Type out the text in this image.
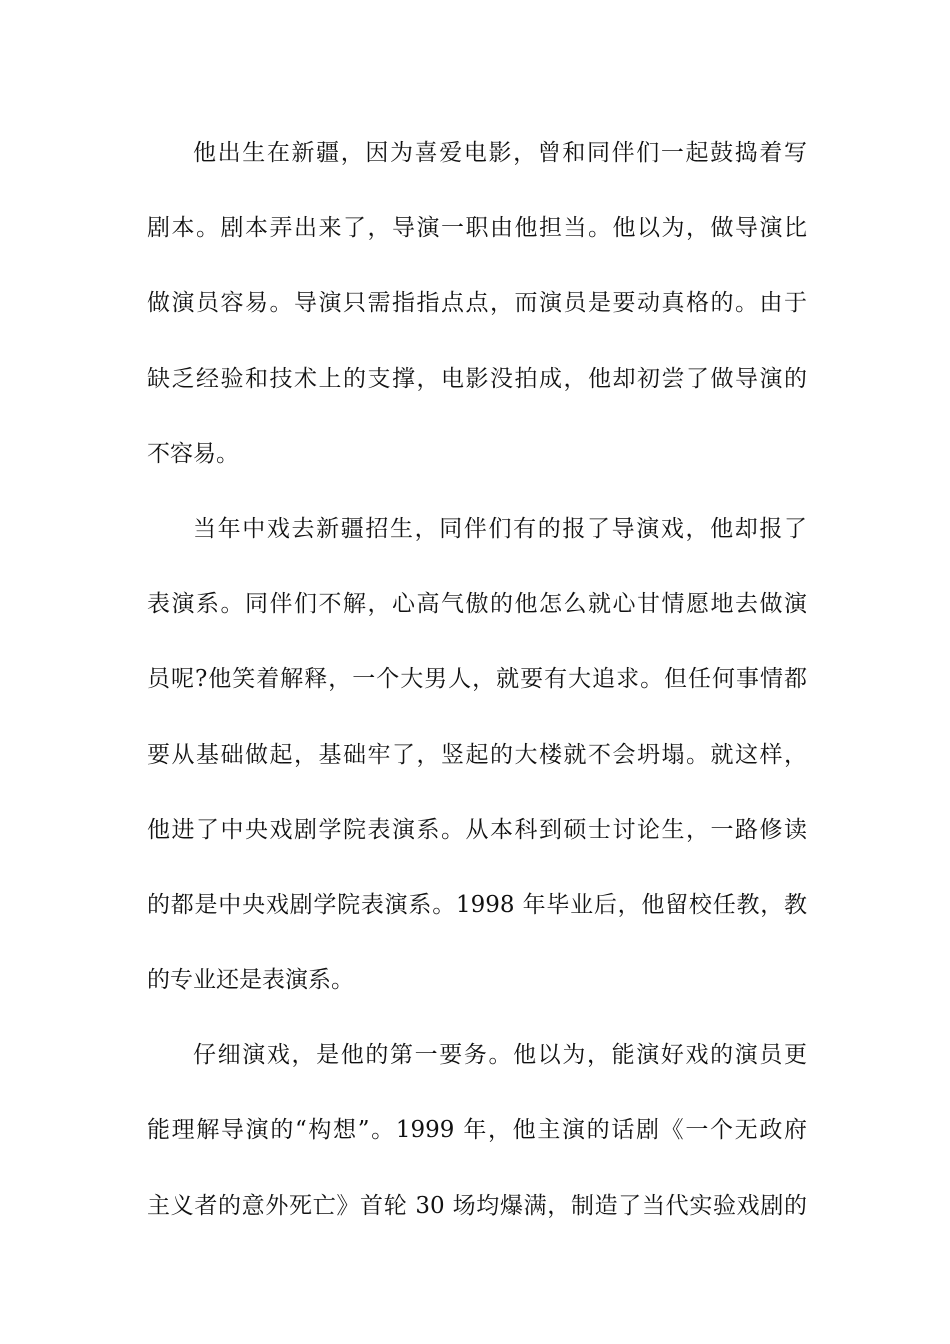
他出生在新疆，因为喜爱电影，曾和同伴们一起鼓捣着写
剧本。剧本弄出来了，导演一职由他担当。他以为，做导演比
做演员容易。导演只需指指点点，而演员是要动真格的。由于
缺乏经验和技术上的支撑，电影没拍成，他却初尝了做导演的
不容易。
当年中戏去新疆招生，同伴们有的报了导演戏，他却报了
表演系。同伴们不解，心高气傲的他怎么就心甘情愿地去做演
员呢?他笑着解释，一个大男人，就要有大追求。但任何事情都
要从基础做起，基础牢了，竖起的大楼就不会坍塌。就这样，
他进了中央戏剧学院表演系。从本科到硕士讨论生，一路修读
的都是中央戏剧学院表演系。1998 年毕业后，他留校任教，教
的专业还是表演系。
仔细演戏，是他的第一要务。他以为，能演好戏的演员更
能理解导演的“构想”。1999 年，他主演的话剧《一个无政府
主义者的意外死亡》首轮 30 场均爆满，制造了当代实验戏剧的
